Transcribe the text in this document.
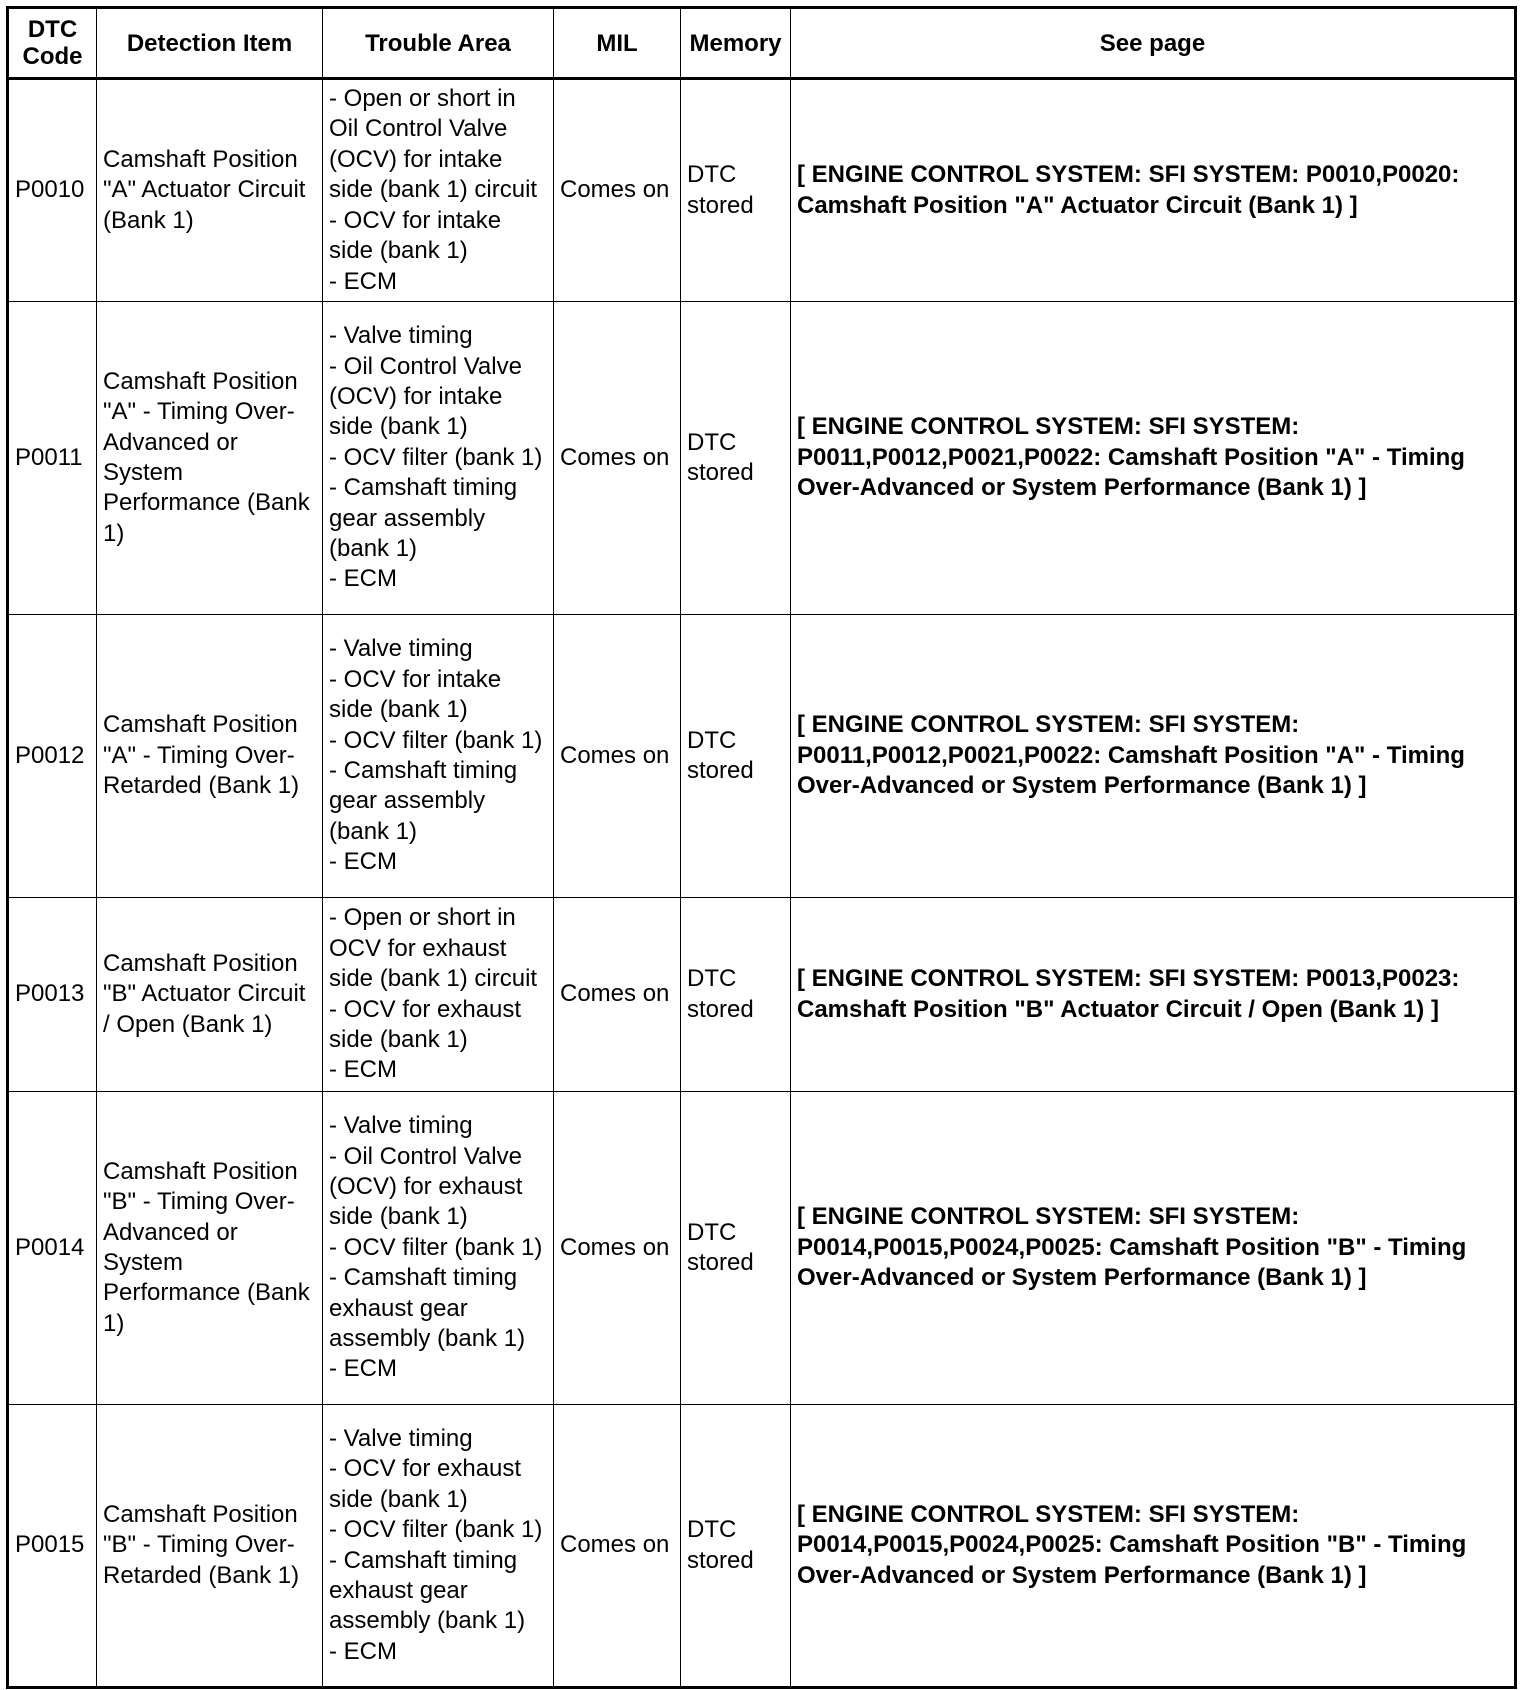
DTC Code	Detection Item	Trouble Area	MIL	Memory	See page
P0010	Camshaft Position "A" Actuator Circuit (Bank 1)	- Open or short in Oil Control Valve (OCV) for intake side (bank 1) circuit
- OCV for intake side (bank 1)
- ECM	Comes on	DTC stored	[ ENGINE CONTROL SYSTEM: SFI SYSTEM: P0010,P0020: Camshaft Position "A" Actuator Circuit (Bank 1) ]
P0011	Camshaft Position "A" - Timing Over-Advanced or System Performance (Bank 1)	- Valve timing
- Oil Control Valve (OCV) for intake side (bank 1)
- OCV filter (bank 1)
- Camshaft timing gear assembly (bank 1)
- ECM	Comes on	DTC stored	[ ENGINE CONTROL SYSTEM: SFI SYSTEM: P0011,P0012,P0021,P0022: Camshaft Position "A" - Timing Over-Advanced or System Performance (Bank 1) ]
P0012	Camshaft Position "A" - Timing Over-Retarded (Bank 1)	- Valve timing
- OCV for intake side (bank 1)
- OCV filter (bank 1)
- Camshaft timing gear assembly (bank 1)
- ECM	Comes on	DTC stored	[ ENGINE CONTROL SYSTEM: SFI SYSTEM: P0011,P0012,P0021,P0022: Camshaft Position "A" - Timing Over-Advanced or System Performance (Bank 1) ]
P0013	Camshaft Position "B" Actuator Circuit / Open (Bank 1)	- Open or short in OCV for exhaust side (bank 1) circuit
- OCV for exhaust side (bank 1)
- ECM	Comes on	DTC stored	[ ENGINE CONTROL SYSTEM: SFI SYSTEM: P0013,P0023: Camshaft Position "B" Actuator Circuit / Open (Bank 1) ]
P0014	Camshaft Position "B" - Timing Over-Advanced or System Performance (Bank 1)	- Valve timing
- Oil Control Valve (OCV) for exhaust side (bank 1)
- OCV filter (bank 1)
- Camshaft timing exhaust gear assembly (bank 1)
- ECM	Comes on	DTC stored	[ ENGINE CONTROL SYSTEM: SFI SYSTEM: P0014,P0015,P0024,P0025: Camshaft Position "B" - Timing Over-Advanced or System Performance (Bank 1) ]
P0015	Camshaft Position "B" - Timing Over-Retarded (Bank 1)	- Valve timing
- OCV for exhaust side (bank 1)
- OCV filter (bank 1)
- Camshaft timing exhaust gear assembly (bank 1)
- ECM	Comes on	DTC stored	[ ENGINE CONTROL SYSTEM: SFI SYSTEM: P0014,P0015,P0024,P0025: Camshaft Position "B" - Timing Over-Advanced or System Performance (Bank 1) ]
